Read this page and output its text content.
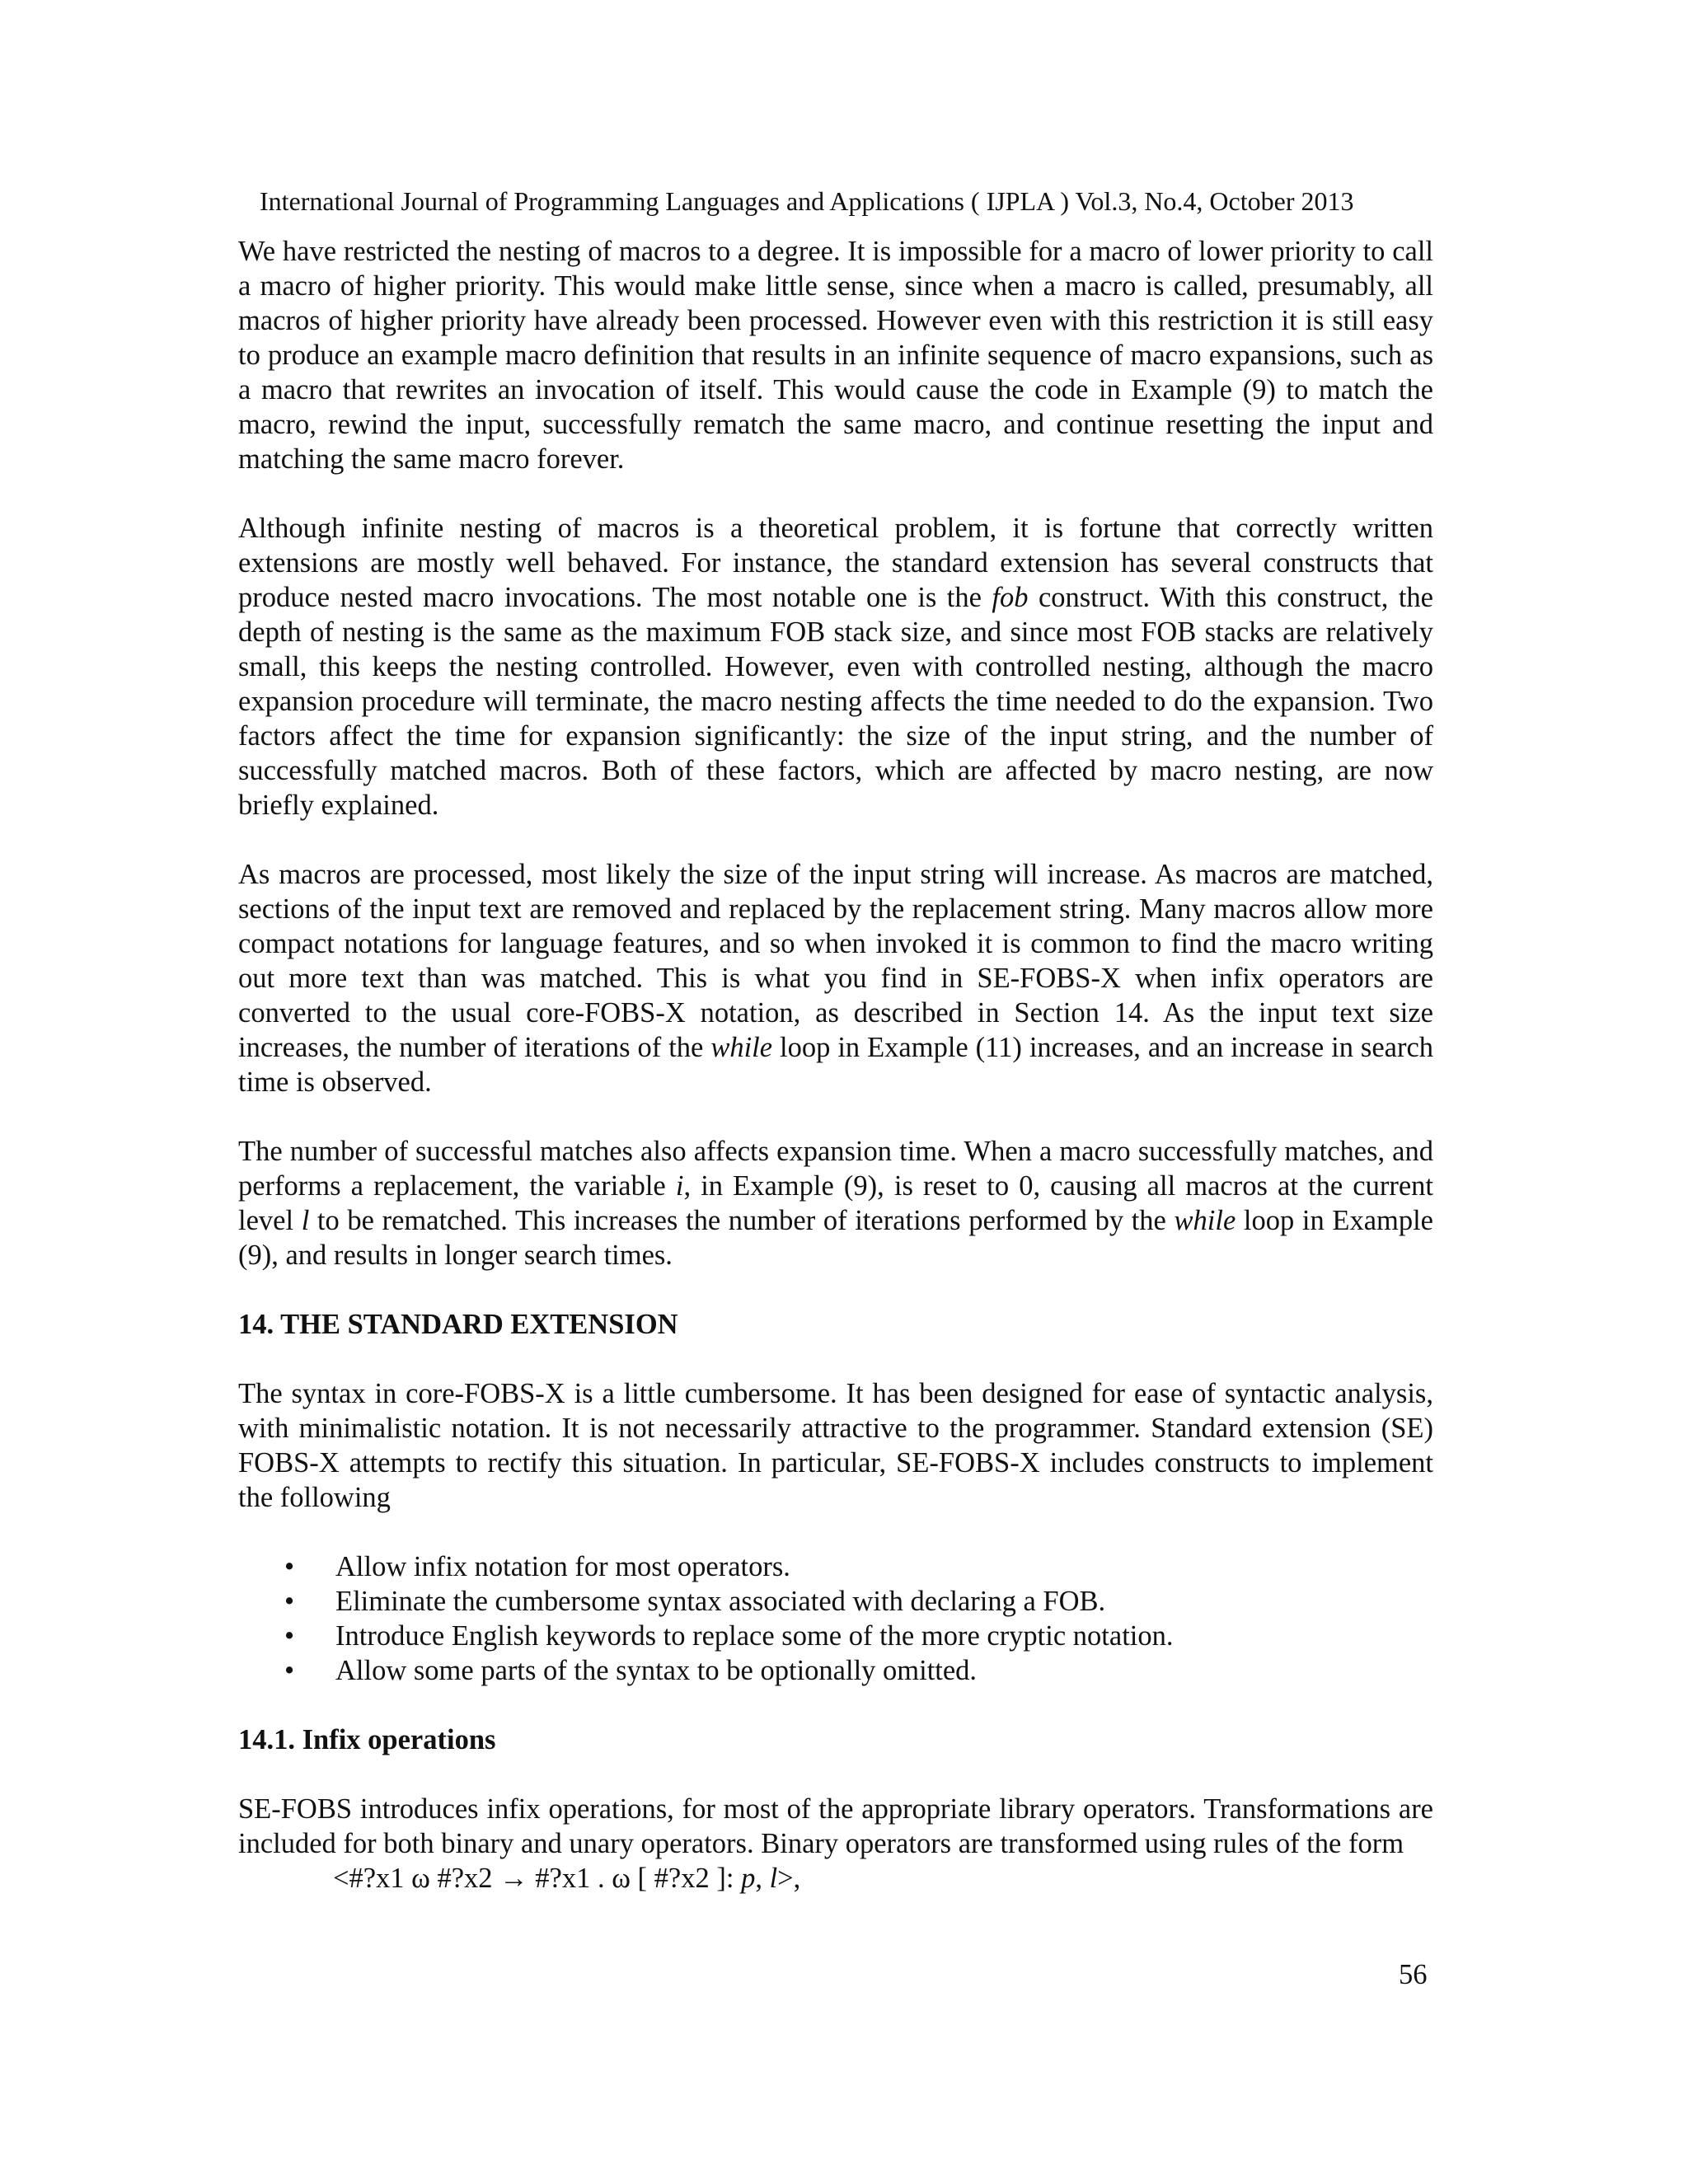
International Journal of Programming Languages and Applications ( IJPLA ) Vol.3, No.4, October 2013

We have restricted the nesting of macros to a degree. It is impossible for a macro of lower priority to call a macro of higher priority. This would make little sense, since when a macro is called, presumably, all macros of higher priority have already been processed. However even with this restriction it is still easy to produce an example macro definition that results in an infinite sequence of macro expansions, such as a macro that rewrites an invocation of itself. This would cause the code in Example (9) to match the macro, rewind the input, successfully rematch the same macro, and continue resetting the input and matching the same macro forever.

Although infinite nesting of macros is a theoretical problem, it is fortune that correctly written extensions are mostly well behaved. For instance, the standard extension has several constructs that produce nested macro invocations. The most notable one is the fob construct. With this construct, the depth of nesting is the same as the maximum FOB stack size, and since most FOB stacks are relatively small, this keeps the nesting controlled. However, even with controlled nesting, although the macro expansion procedure will terminate, the macro nesting affects the time needed to do the expansion. Two factors affect the time for expansion significantly: the size of the input string, and the number of successfully matched macros. Both of these factors, which are affected by macro nesting, are now briefly explained.

As macros are processed, most likely the size of the input string will increase. As macros are matched, sections of the input text are removed and replaced by the replacement string. Many macros allow more compact notations for language features, and so when invoked it is common to find the macro writing out more text than was matched. This is what you find in SE-FOBS-X when infix operators are converted to the usual core-FOBS-X notation, as described in Section 14. As the input text size increases, the number of iterations of the while loop in Example (11) increases, and an increase in search time is observed.

The number of successful matches also affects expansion time. When a macro successfully matches, and performs a replacement, the variable i, in Example (9), is reset to 0, causing all macros at the current level l to be rematched. This increases the number of iterations performed by the while loop in Example (9), and results in longer search times.

14. THE STANDARD EXTENSION

The syntax in core-FOBS-X is a little cumbersome. It has been designed for ease of syntactic analysis, with minimalistic notation. It is not necessarily attractive to the programmer. Standard extension (SE) FOBS-X attempts to rectify this situation. In particular, SE-FOBS-X includes constructs to implement the following

• Allow infix notation for most operators.
• Eliminate the cumbersome syntax associated with declaring a FOB.
• Introduce English keywords to replace some of the more cryptic notation.
• Allow some parts of the syntax to be optionally omitted.
14.1. Infix operations

SE-FOBS introduces infix operations, for most of the appropriate library operators. Transformations are included for both binary and unary operators. Binary operators are transformed using rules of the form

<#?x1 ω #?x2 → #?x1 . ω [ #?x2 ]: p, l>,

56
